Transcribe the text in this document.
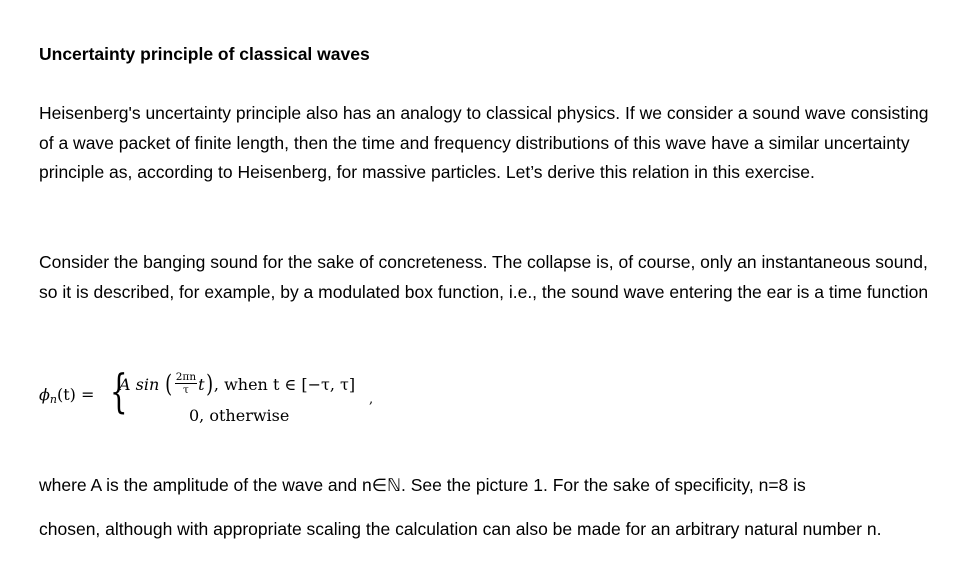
Uncertainty principle of classical waves

Heisenberg's uncertainty principle also has an analogy to classical physics. If we consider a sound wave consisting of a wave packet of finite length, then the time and frequency distributions of this wave have a similar uncertainty principle as, according to Heisenberg, for massive particles. Let’s derive this relation in this exercise.

Consider the banging sound for the sake of concreteness. The collapse is, of course, only an instantaneous sound, so it is described, for example, by a modulated box function, i.e., the sound wave entering the ear is a time function

$\phi_n(t)$ = {
A sin
( $\frac{2\pi n}{\tau}$ t ) , when t ∈ [−τ, τ]
0, otherwise
,

where A is the amplitude of the wave and n∈ℕ. See the picture 1. For the sake of specificity, n=8 is

chosen, although with appropriate scaling the calculation can also be made for an arbitrary natural number n.
